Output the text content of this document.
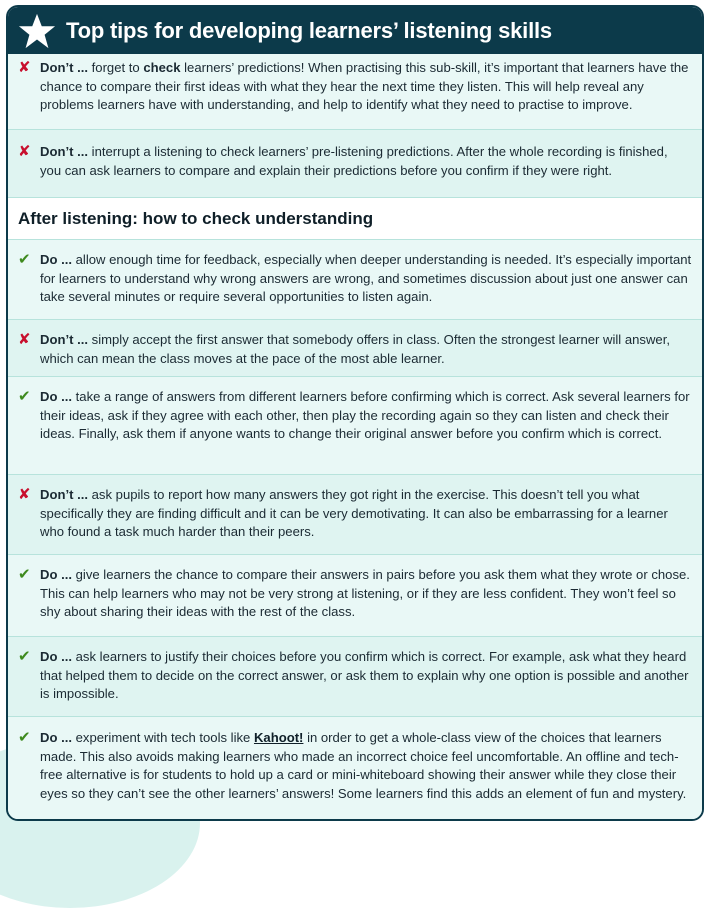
Top tips for developing learners’ listening skills
✘ Don’t ... forget to check learners’ predictions! When practising this sub-skill, it’s important that learners have the chance to compare their first ideas with what they hear the next time they listen. This will help reveal any problems learners have with understanding, and help to identify what they need to practise to improve.
✘ Don’t ... interrupt a listening to check learners’ pre-listening predictions. After the whole recording is finished, you can ask learners to compare and explain their predictions before you confirm if they were right.
After listening: how to check understanding
✔ Do ... allow enough time for feedback, especially when deeper understanding is needed. It’s especially important for learners to understand why wrong answers are wrong, and sometimes discussion about just one answer can take several minutes or require several opportunities to listen again.
✘ Don’t ... simply accept the first answer that somebody offers in class. Often the strongest learner will answer, which can mean the class moves at the pace of the most able learner.
✔ Do ... take a range of answers from different learners before confirming which is correct. Ask several learners for their ideas, ask if they agree with each other, then play the recording again so they can listen and check their ideas. Finally, ask them if anyone wants to change their original answer before you confirm which is correct.
✘ Don’t ... ask pupils to report how many answers they got right in the exercise. This doesn’t tell you what specifically they are finding difficult and it can be very demotivating. It can also be embarrassing for a learner who found a task much harder than their peers.
✔ Do ... give learners the chance to compare their answers in pairs before you ask them what they wrote or chose. This can help learners who may not be very strong at listening, or if they are less confident. They won’t feel so shy about sharing their ideas with the rest of the class.
✔ Do ... ask learners to justify their choices before you confirm which is correct. For example, ask what they heard that helped them to decide on the correct answer, or ask them to explain why one option is possible and another is impossible.
✔ Do ... experiment with tech tools like Kahoot! in order to get a whole-class view of the choices that learners made. This also avoids making learners who made an incorrect choice feel uncomfortable. An offline and tech-free alternative is for students to hold up a card or mini-whiteboard showing their answer while they close their eyes so they can’t see the other learners’ answers! Some learners find this adds an element of fun and mystery.
